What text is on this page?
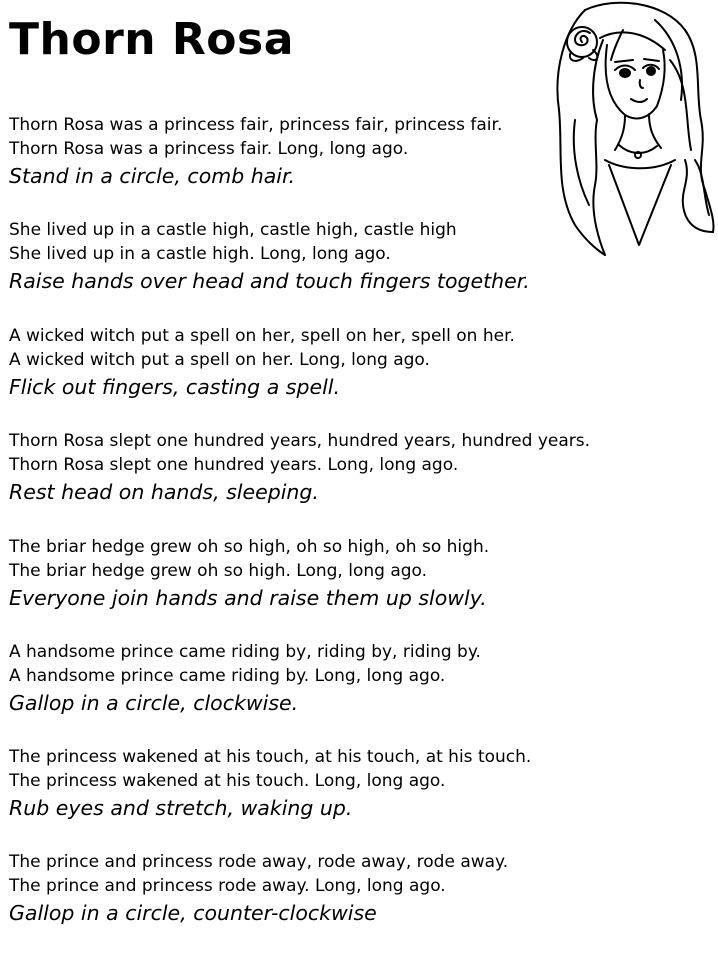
Thorn Rosa
Thorn Rosa was a princess fair, princess fair, princess fair.
Thorn Rosa was a princess fair. Long, long ago.
Stand in a circle, comb hair.
She lived up in a castle high, castle high, castle high
She lived up in a castle high. Long, long ago.
Raise hands over head and touch fingers together.
A wicked witch put a spell on her, spell on her, spell on her.
A wicked witch put a spell on her. Long, long ago.
Flick out fingers, casting a spell.
Thorn Rosa slept one hundred years, hundred years, hundred years.
Thorn Rosa slept one hundred years. Long, long ago.
Rest head on hands, sleeping.
The briar hedge grew oh so high, oh so high, oh so high.
The briar hedge grew oh so high. Long, long ago.
Everyone join hands and raise them up slowly.
A handsome prince came riding by, riding by, riding by.
A handsome prince came riding by. Long, long ago.
Gallop in a circle, clockwise.
The princess wakened at his touch, at his touch, at his touch.
The princess wakened at his touch. Long, long ago.
Rub eyes and stretch, waking up.
The prince and princess rode away, rode away, rode away.
The prince and princess rode away. Long, long ago.
Gallop in a circle, counter-clockwise
